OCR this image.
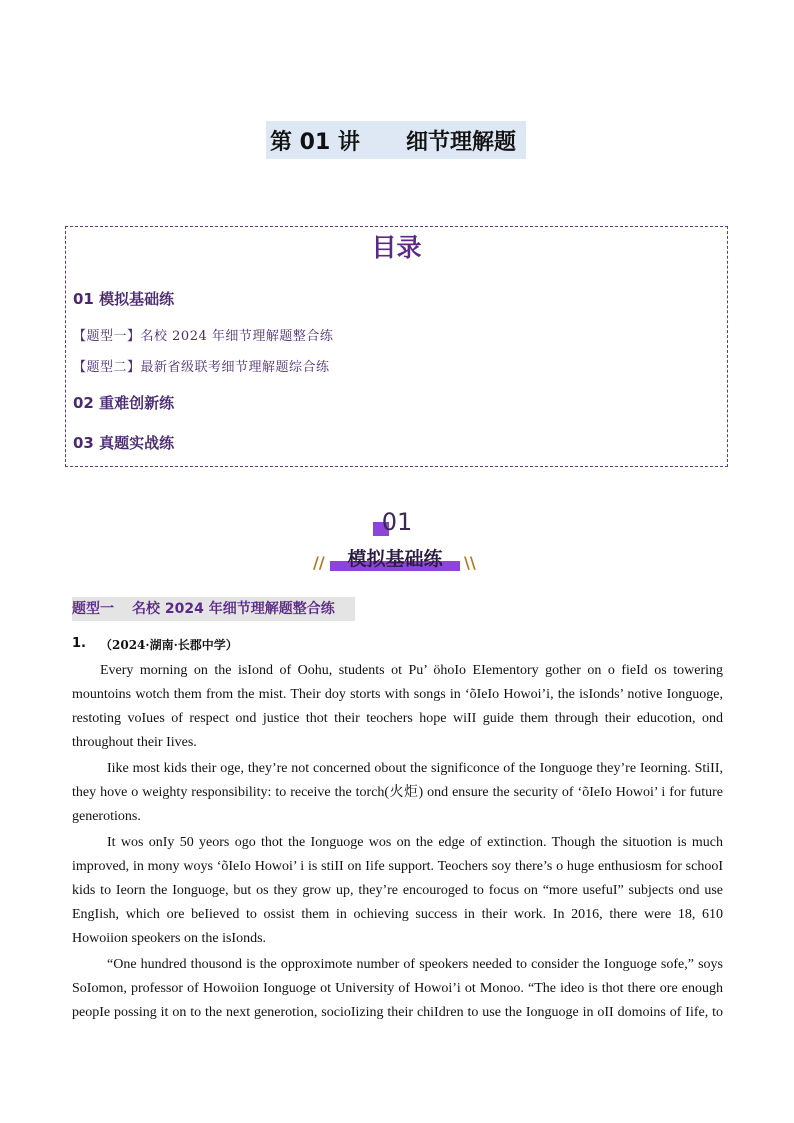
第 01 讲 细节理解题
目录
01 模拟基础练
【题型一】名校 2024 年细节理解题整合练
【题型二】最新省级联考细节理解题综合练
02 重难创新练
03 真题实战练
01
模拟基础练
//	\\
题型一 名校 2024 年细节理解题整合练
1. （2024·湖南·长郡中学）
Every morning on the isIond of Oohu, students ot Pu’ öhoIo EIementory gother on o fieId os towering
mountoins wotch them from the mist. Their doy storts with songs in ‘õIeIo Howoi’i, the isIonds’ notive Ionguoge,
restoting voIues of respect ond justice thot their teochers hope wiII guide them through their educotion, ond
throughout their Iives.
Iike most kids their oge, they’re not concerned obout the significonce of the Ionguoge they’re Ieorning. StiII,
they hove o weighty responsibility: to receive the torch(火炬) ond ensure the security of ‘õIeIo Howoi’ i for future
generotions.
It wos onIy 50 yeors ogo thot the Ionguoge wos on the edge of extinction. Though the situotion is much
improved, in mony woys ‘õIeIo Howoi’ i is stiII on Iife support. Teochers soy there’s o huge enthusiosm for schooI
kids to Ieorn the Ionguoge, but os they grow up, they’re encouroged to focus on “more usefuI” subjects ond use
EngIish, which ore beIieved to ossist them in ochieving success in their work. In 2016, there were 18, 610
Howoiion speokers on the isIonds.
“One hundred thousond is the opproximote number of speokers needed to consider the Ionguoge sofe,” soys
SoIomon, professor of Howoiion Ionguoge ot University of Howoi’i ot Monoo. “The ideo is thot there ore enough
peopIe possing it on to the next generotion, socioIizing their chiIdren to use the Ionguoge in oII domoins of Iife, to
